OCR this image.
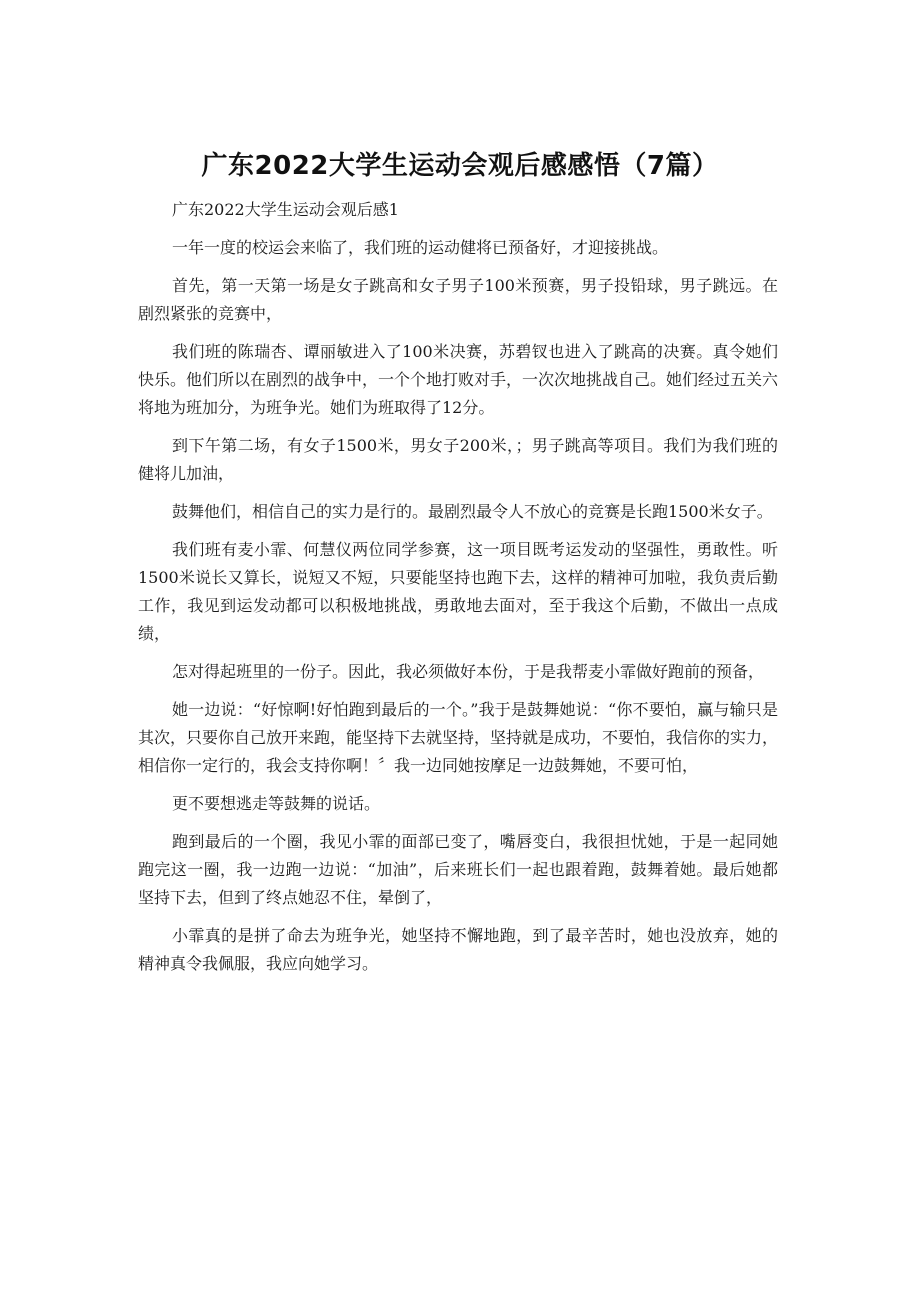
广东2022大学生运动会观后感感悟（7篇）

广东2022大学生运动会观后感1

一年一度的校运会来临了，我们班的运动健将已预备好，才迎接挑战。

首先，第一天第一场是女子跳高和女子男子100米预赛，男子投铅球，男子跳远。在剧烈紧张的竞赛中，

我们班的陈瑞杏、谭丽敏进入了100米决赛，苏碧钗也进入了跳高的决赛。真令她们快乐。他们所以在剧烈的战争中，一个个地打败对手，一次次地挑战自己。她们经过五关六将地为班加分，为班争光。她们为班取得了12分。

到下午第二场，有女子1500米，男女子200米，；男子跳高等项目。我们为我们班的健将儿加油，

鼓舞他们，相信自己的实力是行的。最剧烈最令人不放心的竞赛是长跑1500米女子。

我们班有麦小霏、何慧仪两位同学参赛，这一项目既考运发动的坚强性，勇敢性。听1500米说长又算长，说短又不短，只要能坚持也跑下去，这样的精神可加啦，我负责后勤工作，我见到运发动都可以积极地挑战，勇敢地去面对，至于我这个后勤，不做出一点成绩，

怎对得起班里的一份子。因此，我必须做好本份，于是我帮麦小霏做好跑前的预备，

她一边说：“好惊啊!好怕跑到最后的一个。”我于是鼓舞她说：“你不要怕，赢与输只是其次，只要你自己放开来跑，能坚持下去就坚持，坚持就是成功，不要怕，我信你的实力，相信你一定行的，我会支持你啊！〞我一边同她按摩足一边鼓舞她，不要可怕，

更不要想逃走等鼓舞的说话。

跑到最后的一个圈，我见小霏的面部已变了，嘴唇变白，我很担忧她，于是一起同她跑完这一圈，我一边跑一边说：“加油”，后来班长们一起也跟着跑，鼓舞着她。最后她都坚持下去，但到了终点她忍不住，晕倒了，

小霏真的是拼了命去为班争光，她坚持不懈地跑，到了最辛苦时，她也没放弃，她的精神真令我佩服，我应向她学习。
